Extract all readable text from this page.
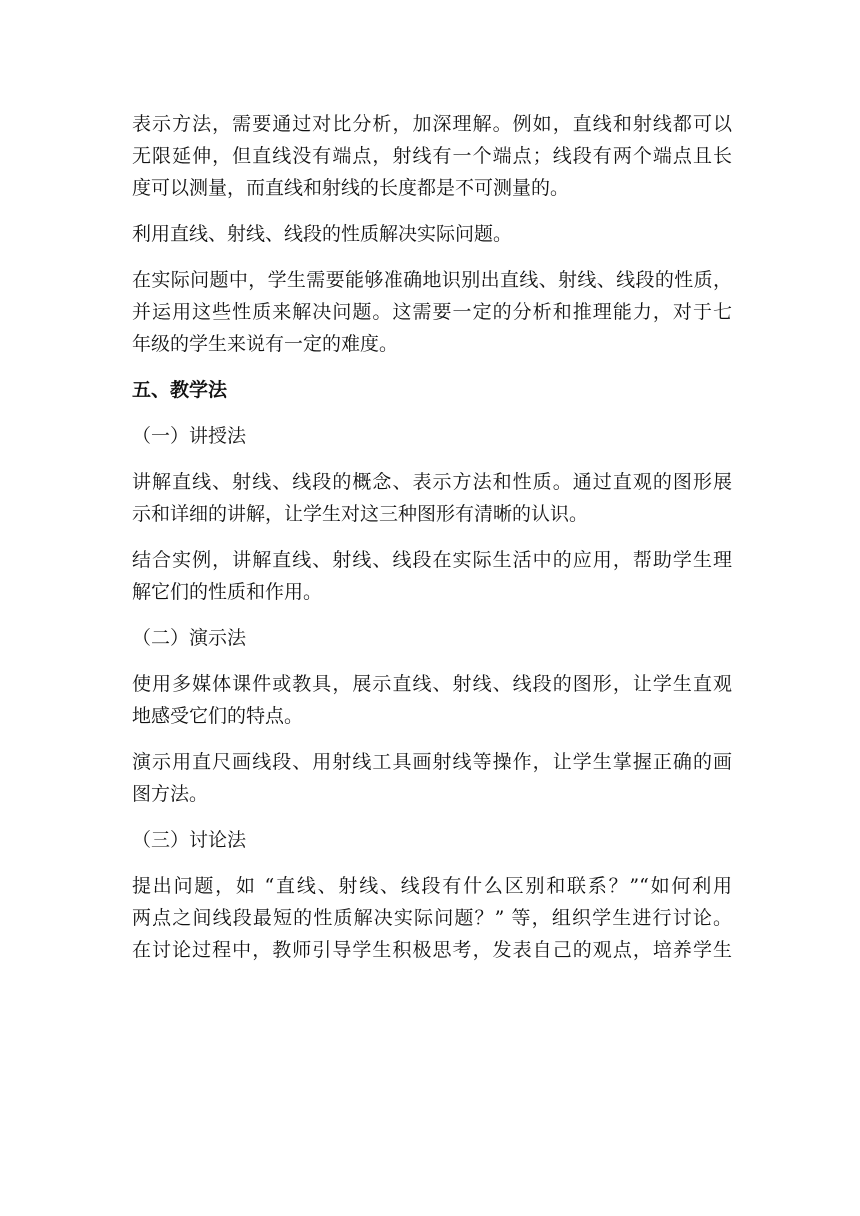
表示方法，需要通过对比分析，加深理解。例如，直线和射线都可以
无限延伸，但直线没有端点，射线有一个端点；线段有两个端点且长
度可以测量，而直线和射线的长度都是不可测量的。
利用直线、射线、线段的性质解决实际问题。
在实际问题中，学生需要能够准确地识别出直线、射线、线段的性质，
并运用这些性质来解决问题。这需要一定的分析和推理能力，对于七
年级的学生来说有一定的难度。
五、教学法
（一）讲授法
讲解直线、射线、线段的概念、表示方法和性质。通过直观的图形展
示和详细的讲解，让学生对这三种图形有清晰的认识。
结合实例，讲解直线、射线、线段在实际生活中的应用，帮助学生理
解它们的性质和作用。
（二）演示法
使用多媒体课件或教具，展示直线、射线、线段的图形，让学生直观
地感受它们的特点。
演示用直尺画线段、用射线工具画射线等操作，让学生掌握正确的画
图方法。
（三）讨论法
提出问题，如 “直线、射线、线段有什么区别和联系？”“如何利用
两点之间线段最短的性质解决实际问题？” 等，组织学生进行讨论。
在讨论过程中，教师引导学生积极思考，发表自己的观点，培养学生
